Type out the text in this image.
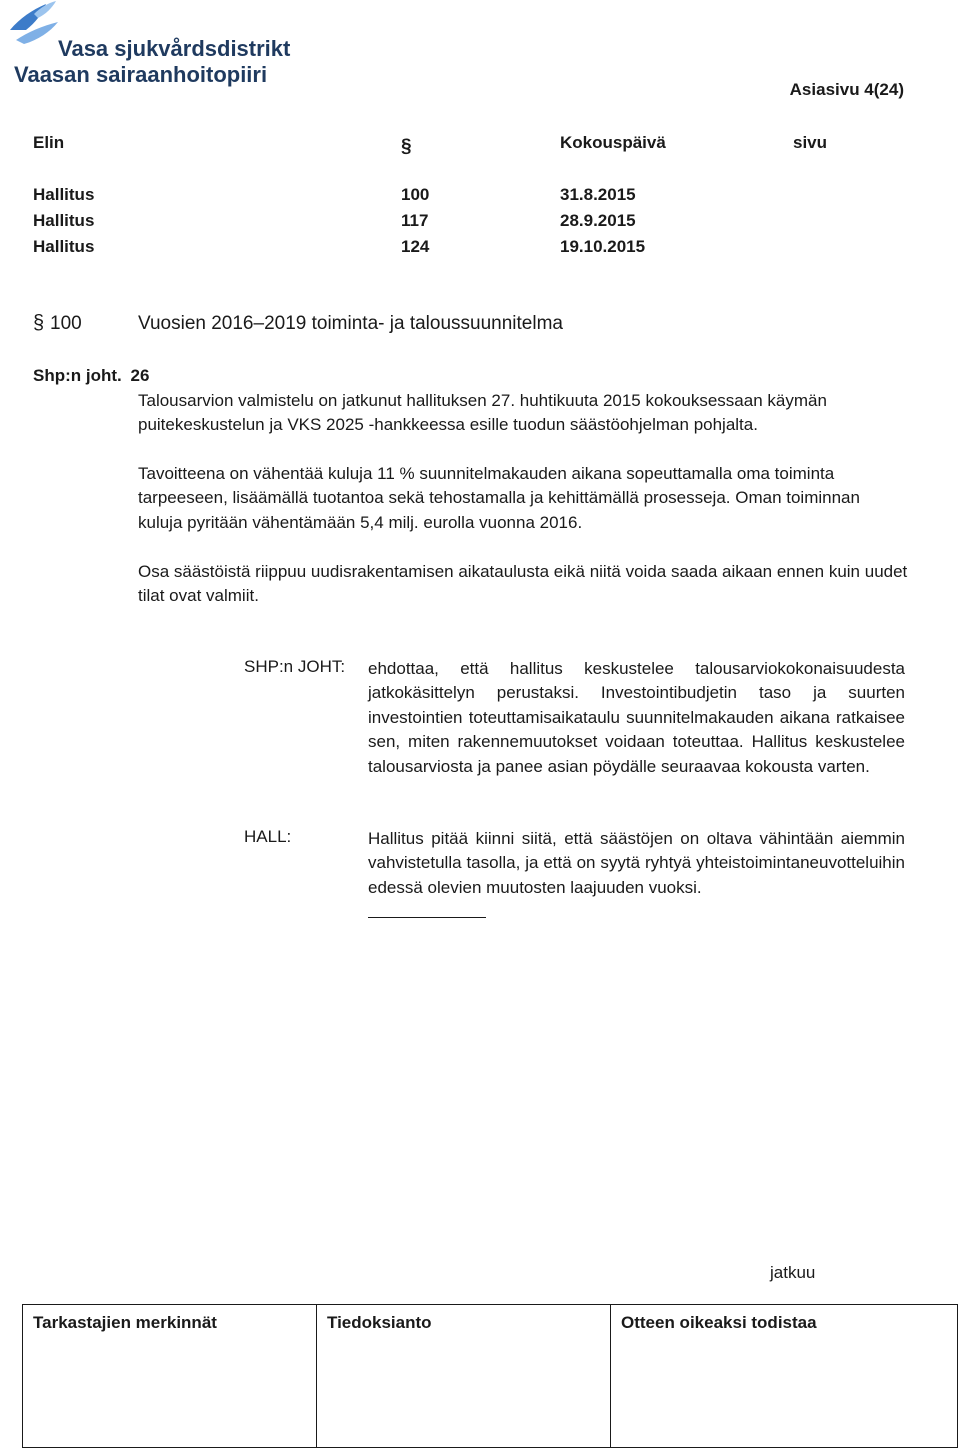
Vasa sjukvårdsdistrikt
Vaasan sairaanhoitopiiri
Asiasivu 4(24)
Elin	§	Kokouspäivä	sivu
Hallitus	100	31.8.2015
Hallitus	117	28.9.2015
Hallitus	124	19.10.2015
§ 100	Vuosien 2016–2019 toiminta- ja taloussuunnitelma
Shp:n joht. 26
Talousarvion valmistelu on jatkunut hallituksen 27. huhtikuuta 2015 kokouksessaan käymän puitekeskustelun ja VKS 2025 -hankkeessa esille tuodun säästöohjelman pohjalta.
Tavoitteena on vähentää kuluja 11 % suunnitelmakauden aikana sopeuttamalla oma toiminta tarpeeseen, lisäämällä tuotantoa sekä tehostamalla ja kehittämällä prosesseja. Oman toiminnan kuluja pyritään vähentämään 5,4 milj. eurolla vuonna 2016.
Osa säästöistä riippuu uudisrakentamisen aikataulusta eikä niitä voida saada aikaan ennen kuin uudet tilat ovat valmiit.
SHP:n JOHT: ehdottaa, että hallitus keskustelee talousarviokokonaisuudesta jatkokäsittelyn perustaksi. Investointibudjetin taso ja suurten investointien toteuttamisaikataulu suunnitelmakauden aikana ratkaisee sen, miten rakennemuutokset voidaan toteuttaa. Hallitus keskustelee talousarviosta ja panee asian pöydälle seuraavaa kokousta varten.
HALL:	Hallitus pitää kiinni siitä, että säästöjen on oltava vähintään aiemmin vahvistetulla tasolla, ja että on syytä ryhtyä yhteistoimintaneuvotteluihin edessä olevien muutosten laajuuden vuoksi.
jatkuu
Tarkastajien merkinnät	Tiedoksianto	Otteen oikeaksi todistaa
